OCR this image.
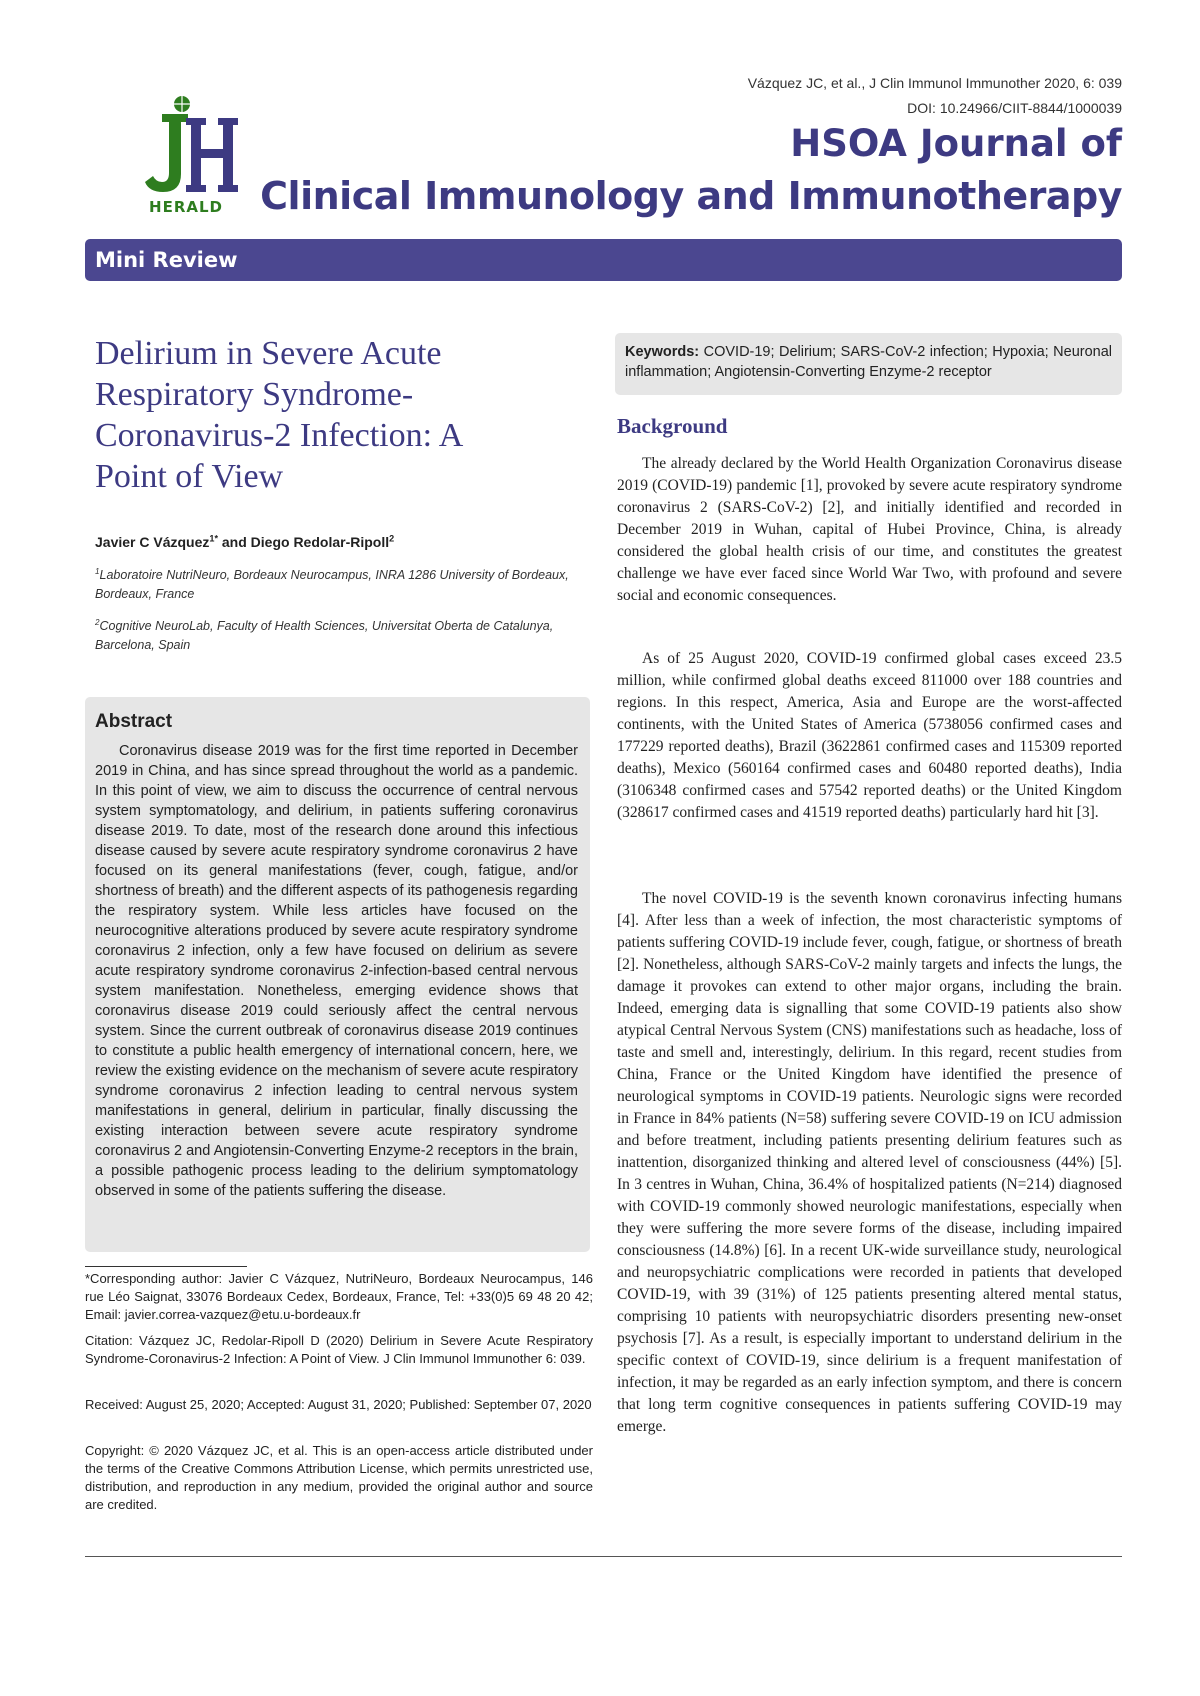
HERALD
Vázquez JC, et al., J Clin Immunol Immunother 2020, 6: 039
DOI: 10.24966/CIIT-8844/1000039
HSOA Journal of
Clinical Immunology and Immunotherapy
Mini Review
Delirium in Severe Acute Respiratory Syndrome-Coronavirus-2 Infection: A Point of View
Javier C Vázquez$^{1*}$ and Diego Redolar-Ripoll$^2$
$^1$Laboratoire NutriNeuro, Bordeaux Neurocampus, INRA 1286 University of Bordeaux, Bordeaux, France
$^2$Cognitive NeuroLab, Faculty of Health Sciences, Universitat Oberta de Catalunya, Barcelona, Spain
Abstract

Coronavirus disease 2019 was for the first time reported in December 2019 in China, and has since spread throughout the world as a pandemic. In this point of view, we aim to discuss the occurrence of central nervous system symptomatology, and delirium, in patients suffering coronavirus disease 2019. To date, most of the research done around this infectious disease caused by severe acute respiratory syndrome coronavirus 2 have focused on its general manifestations (fever, cough, fatigue, and/or shortness of breath) and the different aspects of its pathogenesis regarding the respiratory system. While less articles have focused on the neurocognitive alterations produced by severe acute respiratory syndrome coronavirus 2 infection, only a few have focused on delirium as severe acute respiratory syndrome coronavirus 2-infection-based central nervous system manifestation. Nonetheless, emerging evidence shows that coronavirus disease 2019 could seriously affect the central nervous system. Since the current outbreak of coronavirus disease 2019 continues to constitute a public health emergency of international concern, here, we review the existing evidence on the mechanism of severe acute respiratory syndrome coronavirus 2 infection leading to central nervous system manifestations in general, delirium in particular, finally discussing the existing interaction between severe acute respiratory syndrome coronavirus 2 and Angiotensin-Converting Enzyme-2 receptors in the brain, a possible pathogenic process leading to the delirium symptomatology observed in some of the patients suffering the disease.

*Corresponding author: Javier C Vázquez, NutriNeuro, Bordeaux Neurocampus, 146 rue Léo Saignat, 33076 Bordeaux Cedex, Bordeaux, France, Tel: +33(0)5 69 48 20 42; Email: javier.correa-vazquez@etu.u-bordeaux.fr
Citation: Vázquez JC, Redolar-Ripoll D (2020) Delirium in Severe Acute Respiratory Syndrome-Coronavirus-2 Infection: A Point of View. J Clin Immunol Immunother 6: 039.
Received: August 25, 2020; Accepted: August 31, 2020; Published: September 07, 2020
Copyright: © 2020 Vázquez JC, et al. This is an open-access article distributed under the terms of the Creative Commons Attribution License, which permits unrestricted use, distribution, and reproduction in any medium, provided the original author and source are credited.
Keywords: COVID-19; Delirium; SARS-CoV-2 infection; Hypoxia; Neuronal inflammation; Angiotensin-Converting Enzyme-2 receptor
Background

The already declared by the World Health Organization Coronavirus disease 2019 (COVID-19) pandemic [1], provoked by severe acute respiratory syndrome coronavirus 2 (SARS-CoV-2) [2], and initially identified and recorded in December 2019 in Wuhan, capital of Hubei Province, China, is already considered the global health crisis of our time, and constitutes the greatest challenge we have ever faced since World War Two, with profound and severe social and economic consequences.

As of 25 August 2020, COVID-19 confirmed global cases exceed 23.5 million, while confirmed global deaths exceed 811000 over 188 countries and regions. In this respect, America, Asia and Europe are the worst-affected continents, with the United States of America (5738056 confirmed cases and 177229 reported deaths), Brazil (3622861 confirmed cases and 115309 reported deaths), Mexico (560164 confirmed cases and 60480 reported deaths), India (3106348 confirmed cases and 57542 reported deaths) or the United Kingdom (328617 confirmed cases and 41519 reported deaths) particularly hard hit [3].

The novel COVID-19 is the seventh known coronavirus infecting humans [4]. After less than a week of infection, the most characteristic symptoms of patients suffering COVID-19 include fever, cough, fatigue, or shortness of breath [2]. Nonetheless, although SARS-CoV-2 mainly targets and infects the lungs, the damage it provokes can extend to other major organs, including the brain. Indeed, emerging data is signalling that some COVID-19 patients also show atypical Central Nervous System (CNS) manifestations such as headache, loss of taste and smell and, interestingly, delirium. In this regard, recent studies from China, France or the United Kingdom have identified the presence of neurological symptoms in COVID-19 patients. Neurologic signs were recorded in France in 84% patients (N=58) suffering severe COVID-19 on ICU admission and before treatment, including patients presenting delirium features such as inattention, disorganized thinking and altered level of consciousness (44%) [5]. In 3 centres in Wuhan, China, 36.4% of hospitalized patients (N=214) diagnosed with COVID-19 commonly showed neurologic manifestations, especially when they were suffering the more severe forms of the disease, including impaired consciousness (14.8%) [6]. In a recent UK-wide surveillance study, neurological and neuropsychiatric complications were recorded in patients that developed COVID-19, with 39 (31%) of 125 patients presenting altered mental status, comprising 10 patients with neuropsychiatric disorders presenting new-onset psychosis [7]. As a result, is especially important to understand delirium in the specific context of COVID-19, since delirium is a frequent manifestation of infection, it may be regarded as an early infection symptom, and there is concern that long term cognitive consequences in patients suffering COVID-19 may emerge.
